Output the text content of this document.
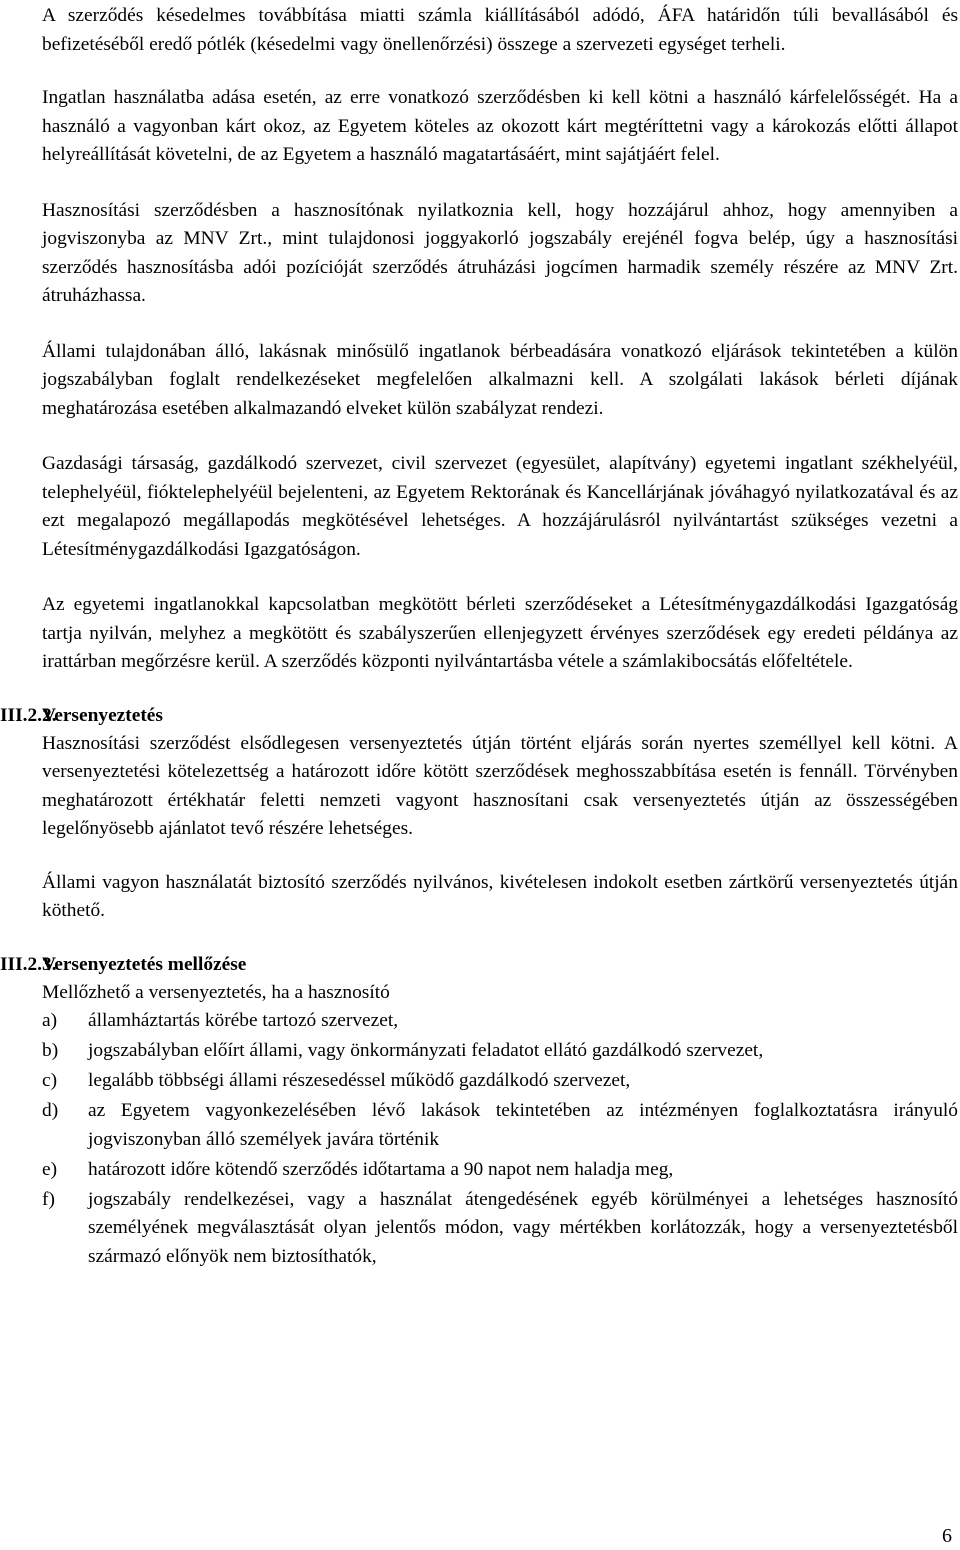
A szerződés késedelmes továbbítása miatti számla kiállításából adódó, ÁFA határidőn túli bevallásából és befizetéséből eredő pótlék (késedelmi vagy önellenőrzési) összege a szervezeti egységet terheli.

Ingatlan használatba adása esetén, az erre vonatkozó szerződésben ki kell kötni a használó kárfelelősségét. Ha a használó a vagyonban kárt okoz, az Egyetem köteles az okozott kárt megtéríttetni vagy a károkozás előtti állapot helyreállítását követelni, de az Egyetem a használó magatartásáért, mint sajátjáért felel.

Hasznosítási szerződésben a hasznosítónak nyilatkoznia kell, hogy hozzájárul ahhoz, hogy amennyiben a jogviszonyba az MNV Zrt., mint tulajdonosi joggyakorló jogszabály erejénél fogva belép, úgy a hasznosítási szerződés hasznosításba adói pozícióját szerződés átruházási jogcímen harmadik személy részére az MNV Zrt. átruházhassa.

Állami tulajdonában álló, lakásnak minősülő ingatlanok bérbeadására vonatkozó eljárások tekintetében a külön jogszabályban foglalt rendelkezéseket megfelelően alkalmazni kell. A szolgálati lakások bérleti díjának meghatározása esetében alkalmazandó elveket külön szabályzat rendezi.

Gazdasági társaság, gazdálkodó szervezet, civil szervezet (egyesület, alapítvány) egyetemi ingatlant székhelyéül, telephelyéül, fióktelephelyéül bejelenteni, az Egyetem Rektorának és Kancellárjának jóváhagyó nyilatkozatával és az ezt megalapozó megállapodás megkötésével lehetséges. A hozzájárulásról nyilvántartást szükséges vezetni a Létesítménygazdálkodási Igazgatóságon.

Az egyetemi ingatlanokkal kapcsolatban megkötött bérleti szerződéseket a Létesítménygazdálkodási Igazgatóság tartja nyilván, melyhez a megkötött és szabályszerűen ellenjegyzett érvényes szerződések egy eredeti példánya az irattárban megőrzésre kerül. A szerződés központi nyilvántartásba vétele a számlakibocsátás előfeltétele.

III.2.2.
Versenyeztetés

Hasznosítási szerződést elsődlegesen versenyeztetés útján történt eljárás során nyertes személlyel kell kötni. A versenyeztetési kötelezettség a határozott időre kötött szerződések meghosszabbítása esetén is fennáll. Törvényben meghatározott értékhatár feletti nemzeti vagyont hasznosítani csak versenyeztetés útján az összességében legelőnyösebb ajánlatot tevő részére lehetséges.

Állami vagyon használatát biztosító szerződés nyilvános, kivételesen indokolt esetben zártkörű versenyeztetés útján köthető.

III.2.3.
Versenyeztetés mellőzése

Mellőzhető a versenyeztetés, ha a hasznosító

a) államháztartás körébe tartozó szervezet,
b) jogszabályban előírt állami, vagy önkormányzati feladatot ellátó gazdálkodó szervezet,
c) legalább többségi állami részesedéssel működő gazdálkodó szervezet,
d) az Egyetem vagyonkezelésében lévő lakások tekintetében az intézményen foglalkoztatásra irányuló jogviszonyban álló személyek javára történik
e) határozott időre kötendő szerződés időtartama a 90 napot nem haladja meg,
f) jogszabály rendelkezései, vagy a használat átengedésének egyéb körülményei a lehetséges hasznosító személyének megválasztását olyan jelentős módon, vagy mértékben korlátozzák, hogy a versenyeztetésből származó előnyök nem biztosíthatók,
6
